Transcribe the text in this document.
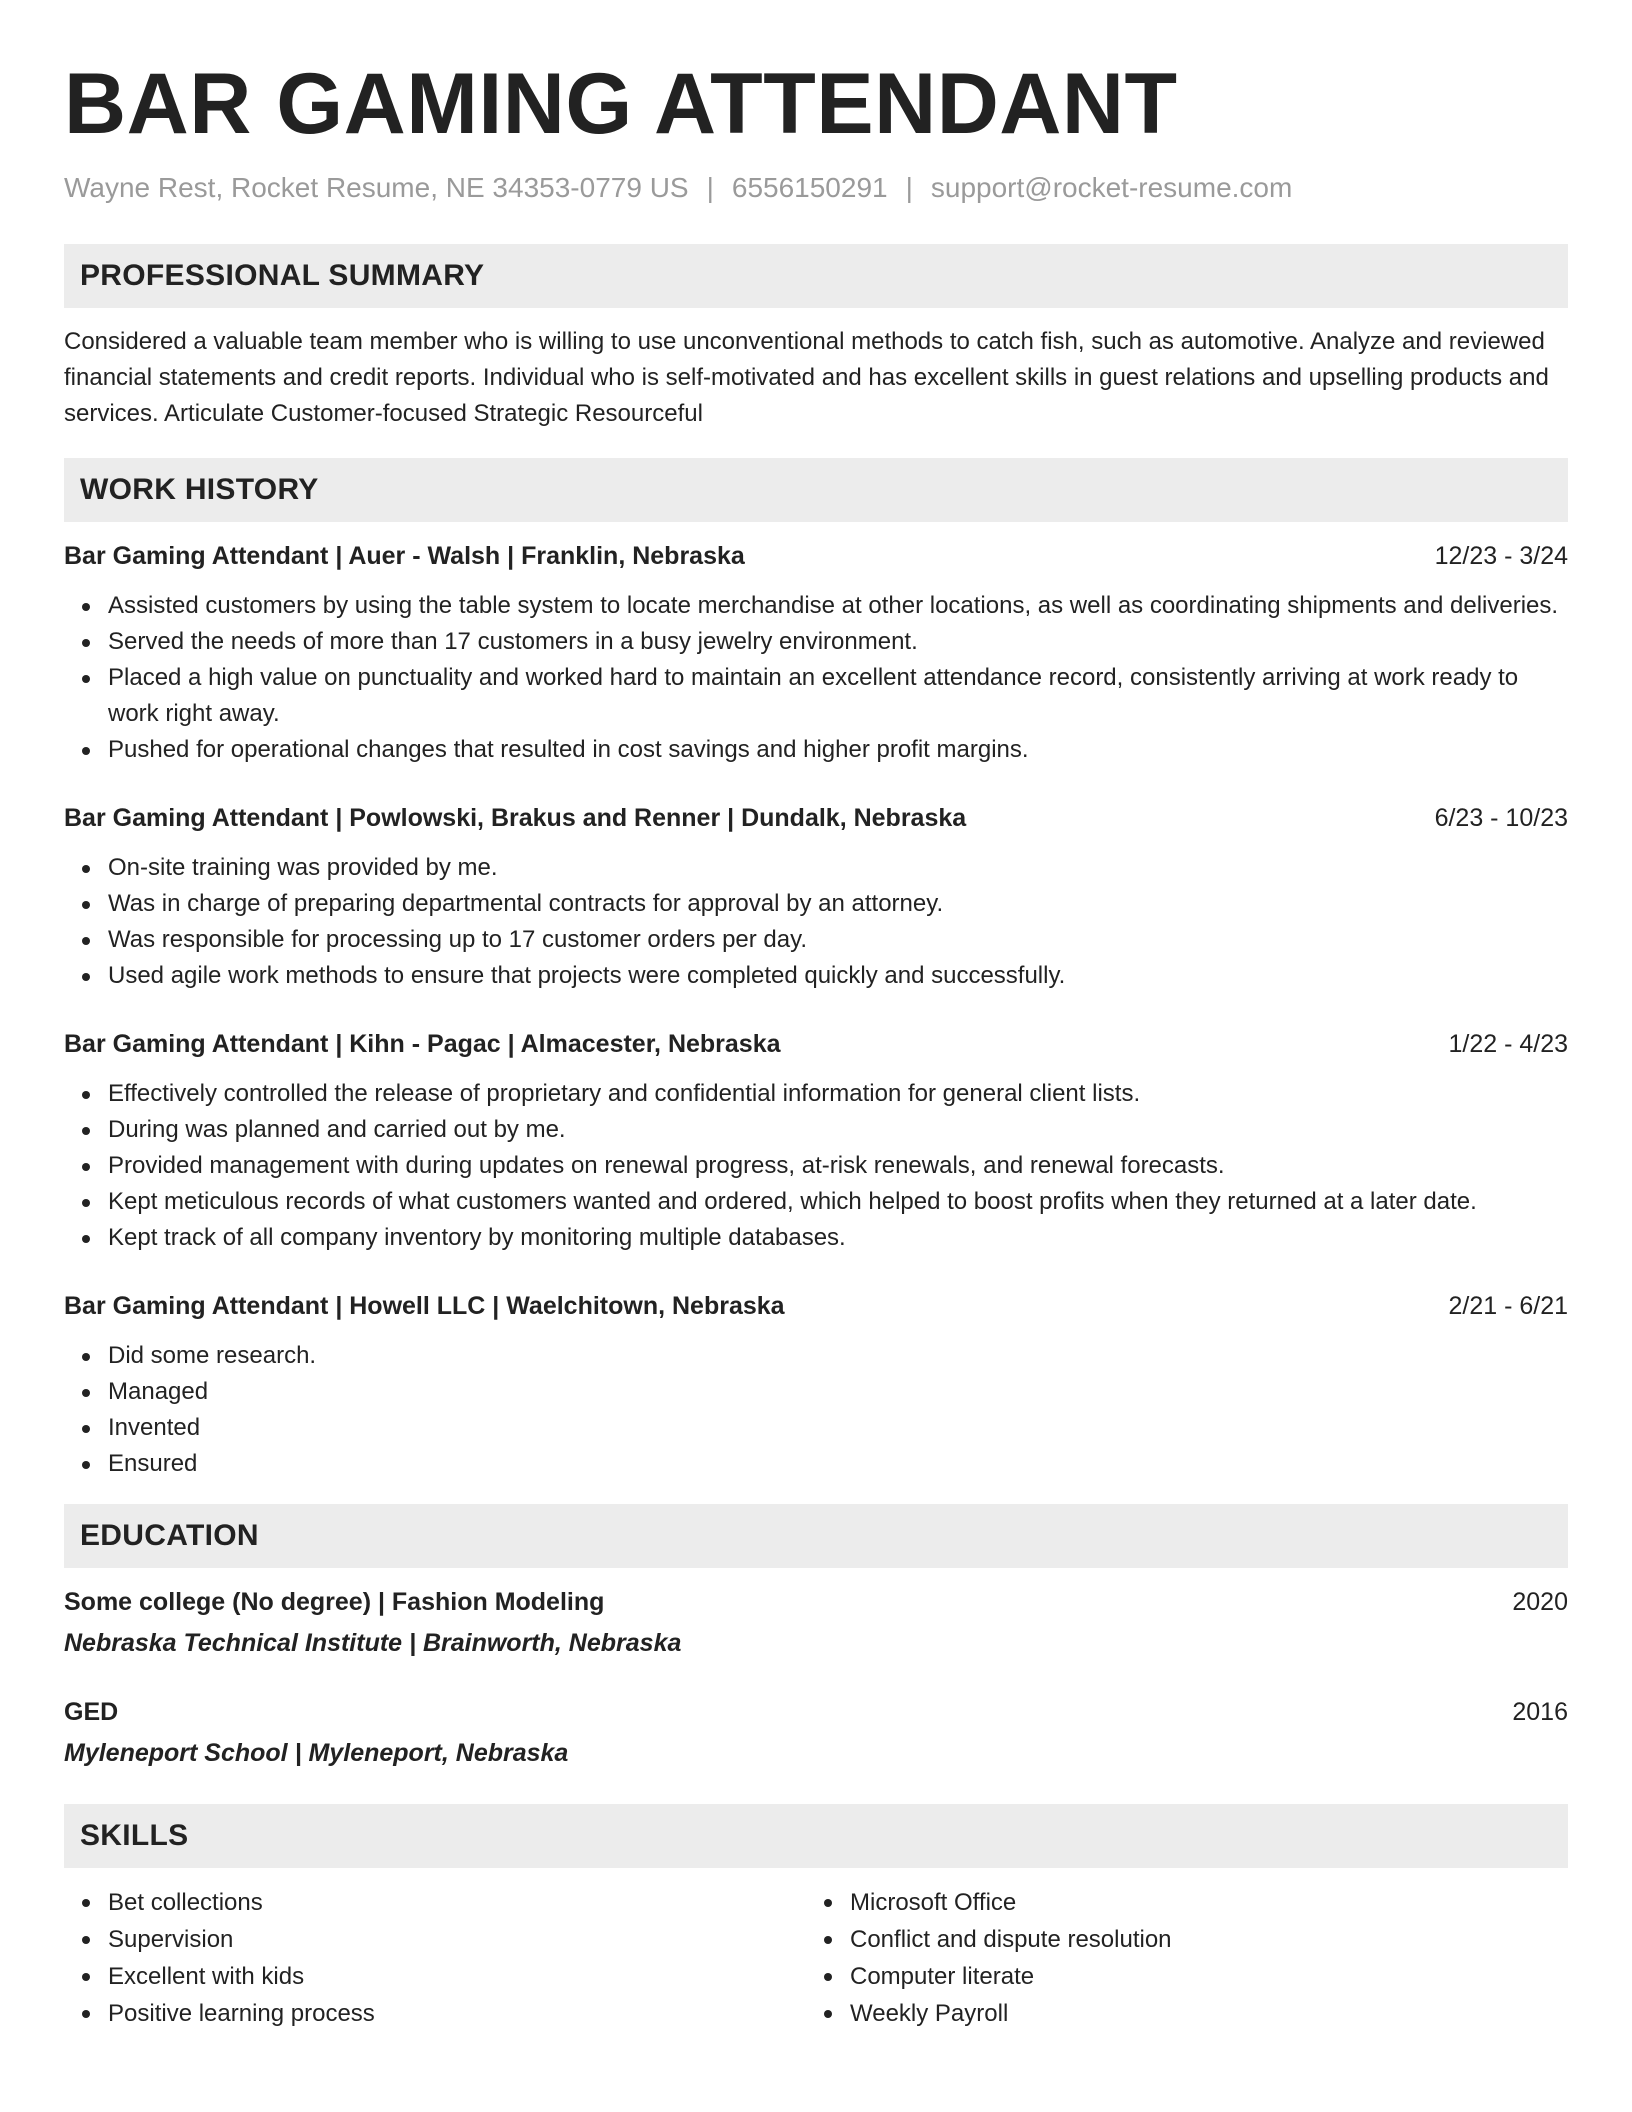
BAR GAMING ATTENDANT
Wayne Rest, Rocket Resume, NE 34353-0779 US | 6556150291 | support@rocket-resume.com
PROFESSIONAL SUMMARY
Considered a valuable team member who is willing to use unconventional methods to catch fish, such as automotive. Analyze and reviewed financial statements and credit reports. Individual who is self-motivated and has excellent skills in guest relations and upselling products and services. Articulate Customer-focused Strategic Resourceful
WORK HISTORY
Bar Gaming Attendant | Auer - Walsh | Franklin, Nebraska	12/23 - 3/24
Assisted customers by using the table system to locate merchandise at other locations, as well as coordinating shipments and deliveries.
Served the needs of more than 17 customers in a busy jewelry environment.
Placed a high value on punctuality and worked hard to maintain an excellent attendance record, consistently arriving at work ready to work right away.
Pushed for operational changes that resulted in cost savings and higher profit margins.
Bar Gaming Attendant | Powlowski, Brakus and Renner | Dundalk, Nebraska	6/23 - 10/23
On-site training was provided by me.
Was in charge of preparing departmental contracts for approval by an attorney.
Was responsible for processing up to 17 customer orders per day.
Used agile work methods to ensure that projects were completed quickly and successfully.
Bar Gaming Attendant | Kihn - Pagac | Almacester, Nebraska	1/22 - 4/23
Effectively controlled the release of proprietary and confidential information for general client lists.
During was planned and carried out by me.
Provided management with during updates on renewal progress, at-risk renewals, and renewal forecasts.
Kept meticulous records of what customers wanted and ordered, which helped to boost profits when they returned at a later date.
Kept track of all company inventory by monitoring multiple databases.
Bar Gaming Attendant | Howell LLC | Waelchitown, Nebraska	2/21 - 6/21
Did some research.
Managed
Invented
Ensured
EDUCATION
Some college (No degree) | Fashion Modeling	2020
Nebraska Technical Institute | Brainworth, Nebraska
GED	2016
Myleneport School | Myleneport, Nebraska
SKILLS
Bet collections
Supervision
Excellent with kids
Positive learning process
Microsoft Office
Conflict and dispute resolution
Computer literate
Weekly Payroll
